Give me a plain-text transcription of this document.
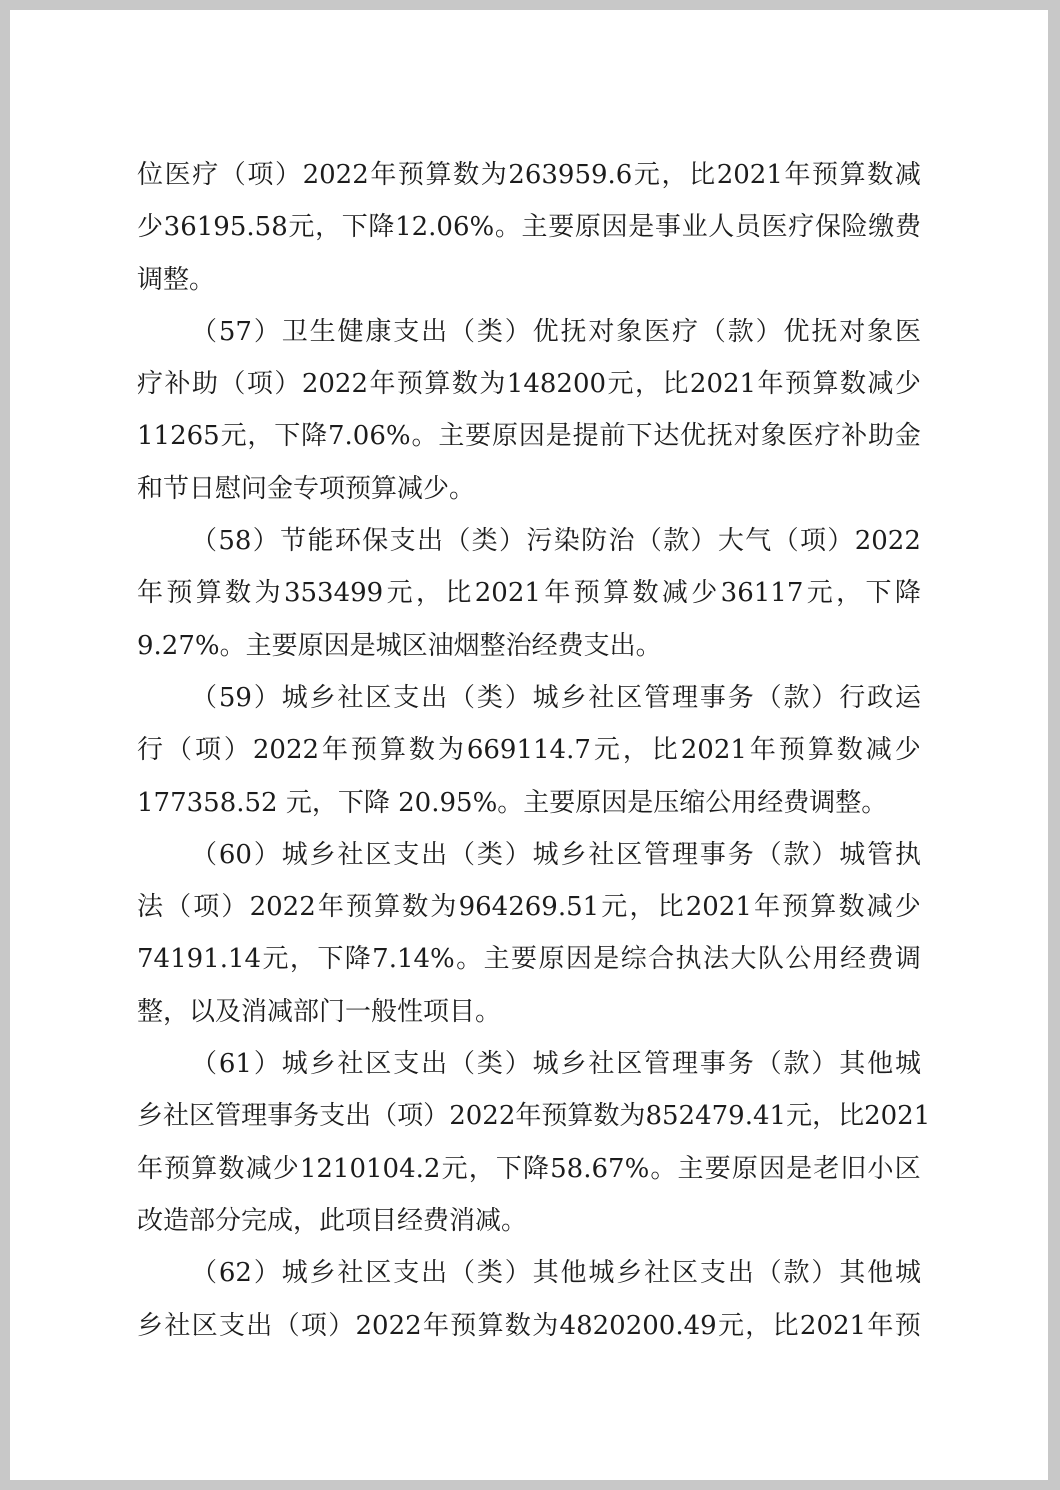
位 医 疗 （ 项 ） 2022 年 预 算 数 为 263959.6 元 ， 比 2021 年 预 算 数 减
少 36195.58 元 ， 下 降 12.06% 。 主 要 原 因 是 事 业 人 员 医 疗 保 险 缴 费
调整。
（ 57 ） 卫 生 健 康 支 出 （ 类 ） 优 抚 对 象 医 疗 （ 款 ） 优 抚 对 象 医
疗 补 助 （ 项 ） 2022 年 预 算 数 为 148200 元 ， 比 2021 年 预 算 数 减 少
11265 元 ， 下 降 7.06% 。 主 要 原 因 是 提 前 下 达 优 抚 对 象 医 疗 补 助 金
和节日慰问金专项预算减少。
（ 58 ） 节 能 环 保 支 出 （ 类 ） 污 染 防 治 （ 款 ） 大 气 （ 项 ） 2022
年 预 算 数 为 353499 元 ， 比 2021 年 预 算 数 减 少 36117 元 ， 下 降
9.27%。主要原因是城区油烟整治经费支出。
（ 59 ） 城 乡 社 区 支 出 （ 类 ） 城 乡 社 区 管 理 事 务 （ 款 ） 行 政 运
行 （ 项 ） 2022 年 预 算 数 为 669114.7 元 ， 比 2021 年 预 算 数 减 少
177358.52 元，下降 20.95%。主要原因是压缩公用经费调整。
（ 60 ） 城 乡 社 区 支 出 （ 类 ） 城 乡 社 区 管 理 事 务 （ 款 ） 城 管 执
法 （ 项 ） 2022 年 预 算 数 为 964269.51 元 ， 比 2021 年 预 算 数 减 少
74191.14 元 ， 下 降 7.14% 。 主 要 原 因 是 综 合 执 法 大 队 公 用 经 费 调
整，以及消减部门一般性项目。
（ 61 ） 城 乡 社 区 支 出 （ 类 ） 城 乡 社 区 管 理 事 务 （ 款 ） 其 他 城
乡 社 区 管 理 事 务 支 出 （ 项 ） 2022 年 预 算 数 为 852479.41 元 ， 比 2021
年 预 算 数 减 少 1210104.2 元 ， 下 降 58.67% 。 主 要 原 因 是 老 旧 小 区
改造部分完成，此项目经费消减。
（ 62 ） 城 乡 社 区 支 出 （ 类 ） 其 他 城 乡 社 区 支 出 （ 款 ） 其 他 城
乡 社 区 支 出 （ 项 ） 2022 年 预 算 数 为 4820200.49 元 ， 比 2021 年 预
